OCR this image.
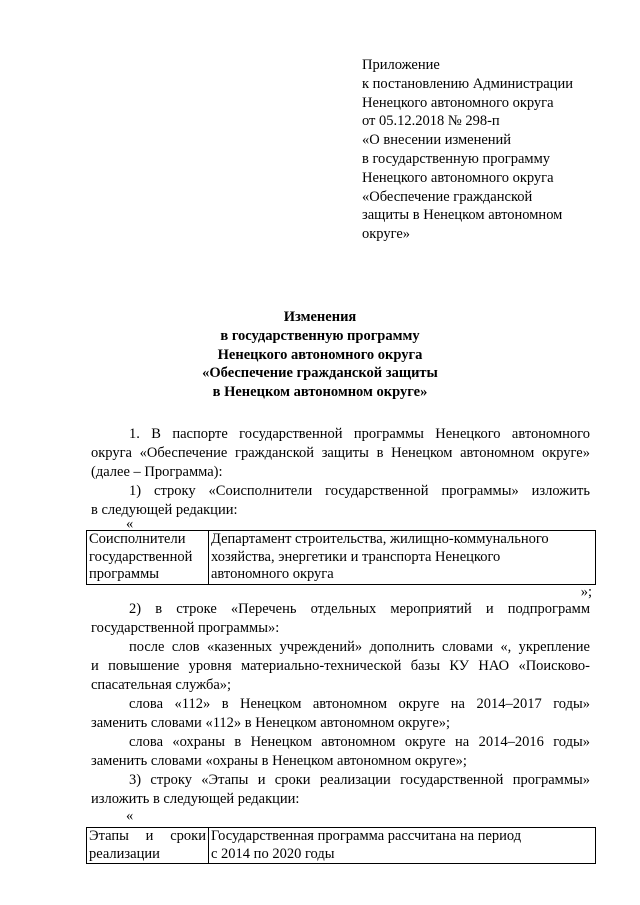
Приложение
к постановлению Администрации
Ненецкого автономного округа
от 05.12.2018 № 298-п
«О внесении изменений
в государственную программу
Ненецкого автономного округа
«Обеспечение гражданской
защиты в Ненецком автономном
округе»
Изменения
в государственную программу
Ненецкого автономного округа
«Обеспечение гражданской защиты
в Ненецком автономном округе»
1. В паспорте государственной программы Ненецкого автономного
округа «Обеспечение гражданской защиты в Ненецком автономном округе»
(далее – Программа):
1) строку «Соисполнители государственной программы» изложить
в следующей редакции:
«
Соисполнители
государственной
программы

Департамент строительства, жилищно-коммунального
хозяйства, энергетики и транспорта Ненецкого
автономного округа
»;
2) в строке «Перечень отдельных мероприятий и подпрограмм
государственной программы»:
после слов «казенных учреждений» дополнить словами «, укрепление
и повышение уровня материально-технической базы КУ НАО «Поисково-
спасательная служба»;
слова «112» в Ненецком автономном округе на 2014–2017 годы»
заменить словами «112» в Ненецком автономном округе»;
слова «охраны в Ненецком автономном округе на 2014–2016 годы»
заменить словами «охраны в Ненецком автономном округе»;
3) строку «Этапы и сроки реализации государственной программы»
изложить в следующей редакции:
«
Этапы и сроки
реализации

Государственная программа рассчитана на период
с 2014 по 2020 годы
